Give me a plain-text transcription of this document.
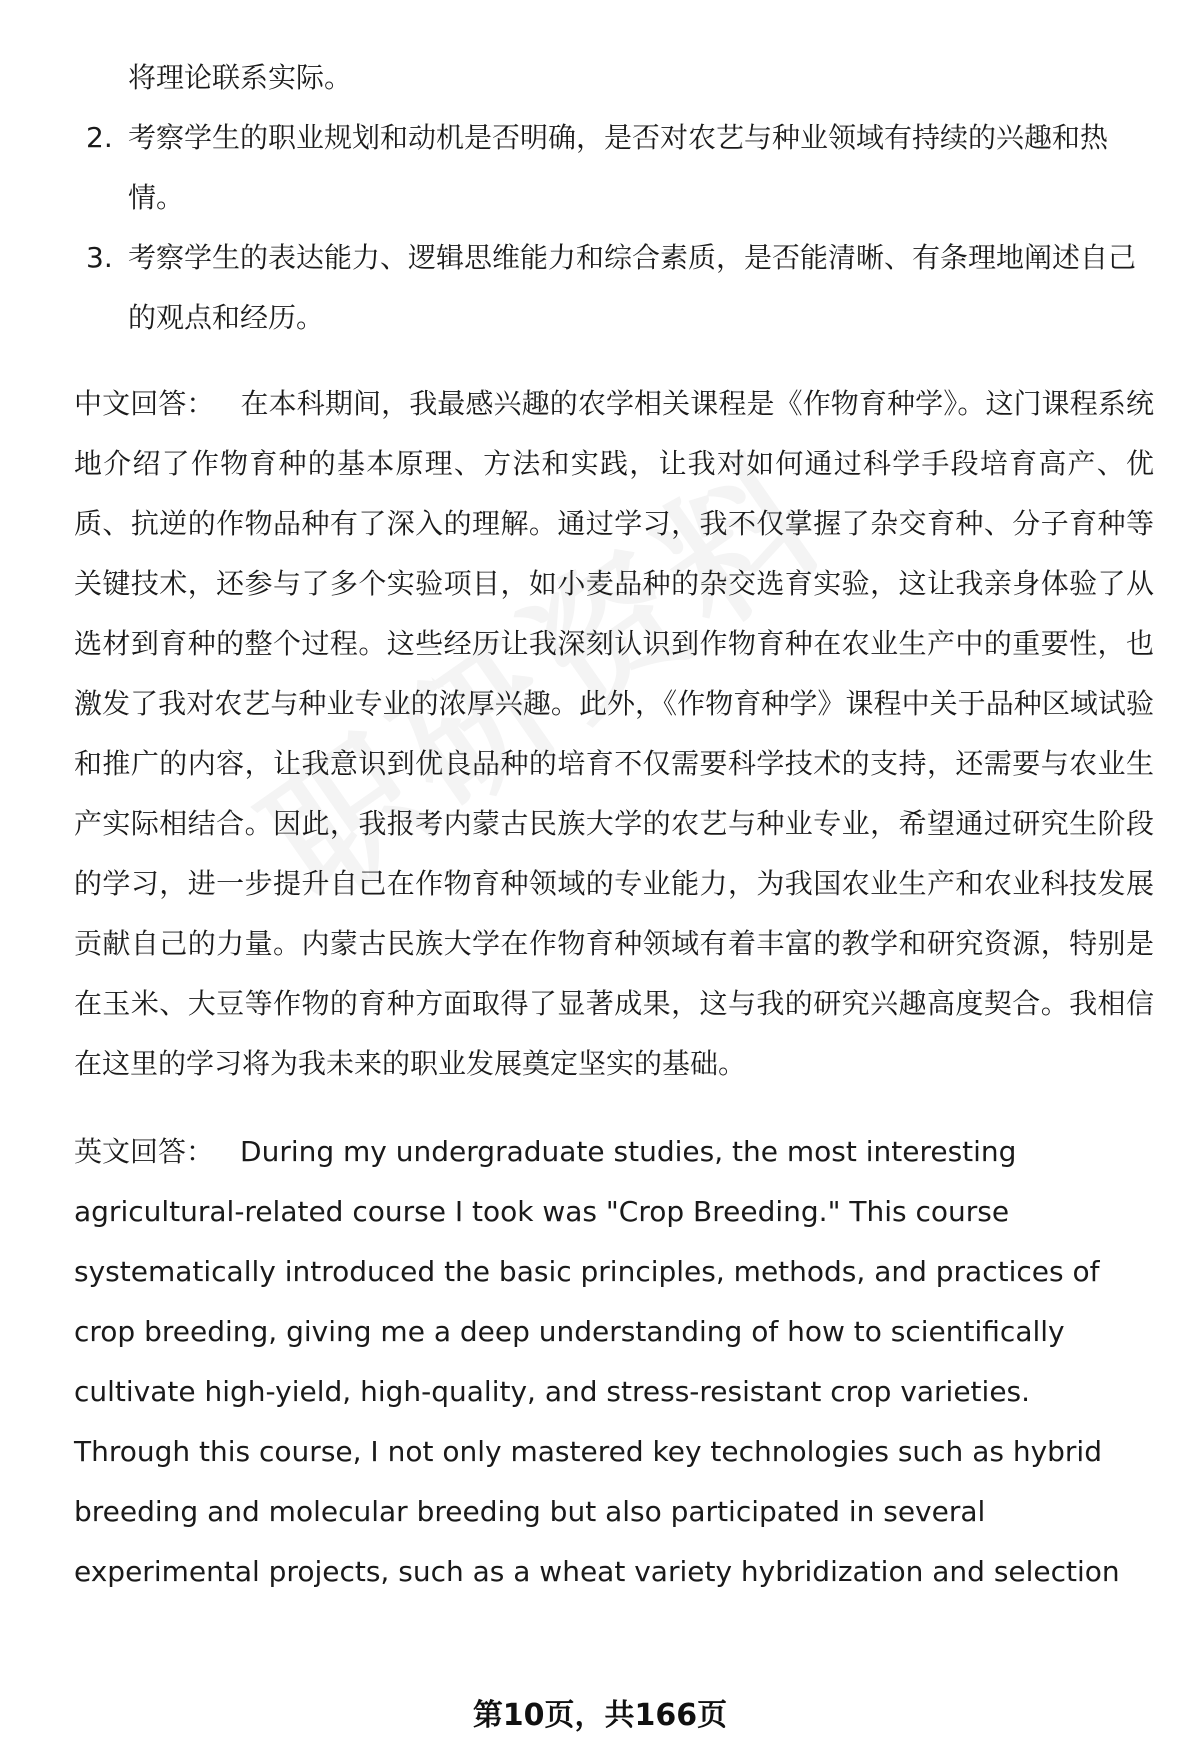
将理论联系实际。
2. 考察学生的职业规划和动机是否明确，是否对农艺与种业领域有持续的兴趣和热情。
3. 考察学生的表达能力、逻辑思维能力和综合素质，是否能清晰、有条理地阐述自己的观点和经历。

中文回答： 在本科期间，我最感兴趣的农学相关课程是《作物育种学》。这门课程系统地介绍了作物育种的基本原理、方法和实践，让我对如何通过科学手段培育高产、优质、抗逆的作物品种有了深入的理解。通过学习，我不仅掌握了杂交育种、分子育种等关键技术，还参与了多个实验项目，如小麦品种的杂交选育实验，这让我亲身体验了从选材到育种的整个过程。这些经历让我深刻认识到作物育种在农业生产中的重要性，也激发了我对农艺与种业专业的浓厚兴趣。此外，《作物育种学》课程中关于品种区域试验和推广的内容，让我意识到优良品种的培育不仅需要科学技术的支持，还需要与农业生产实际相结合。因此，我报考内蒙古民族大学的农艺与种业专业，希望通过研究生阶段的学习，进一步提升自己在作物育种领域的专业能力，为我国农业生产和农业科技发展贡献自己的力量。内蒙古民族大学在作物育种领域有着丰富的教学和研究资源，特别是在玉米、大豆等作物的育种方面取得了显著成果，这与我的研究兴趣高度契合。我相信在这里的学习将为我未来的职业发展奠定坚实的基础。

英文回答： During my undergraduate studies, the most interesting agricultural-related course I took was "Crop Breeding." This course systematically introduced the basic principles, methods, and practices of crop breeding, giving me a deep understanding of how to scientifically cultivate high-yield, high-quality, and stress-resistant crop varieties. Through this course, I not only mastered key technologies such as hybrid breeding and molecular breeding but also participated in several experimental projects, such as a wheat variety hybridization and selection

第10页，共166页
